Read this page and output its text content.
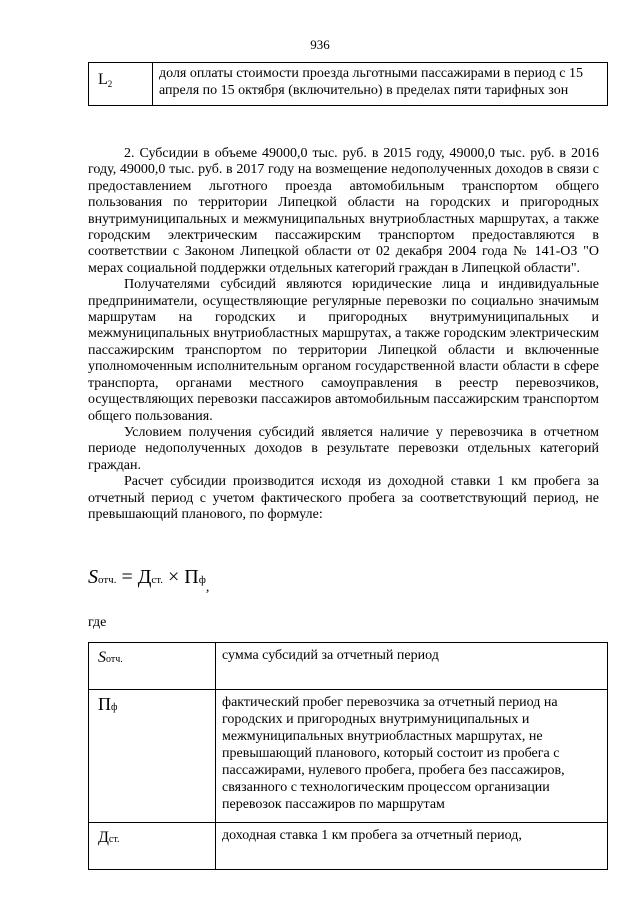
936
$L_2$	доля оплаты стоимости проезда льготными пассажирами в период с 15 апреля по 15 октября (включительно) в пределах пяти тарифных зон

2. Субсидии в объеме 49000,0 тыс. руб. в 2015 году, 49000,0 тыс. руб. в 2016 году, 49000,0 тыс. руб. в 2017 году на возмещение недополученных доходов в связи с предоставлением льготного проезда автомобильным транспортом общего пользования по территории Липецкой области на городских и пригородных внутримуниципальных и межмуниципальных внутриобластных маршрутах, а также городским электрическим пассажирским транспортом предоставляются в соответствии с Законом Липецкой области от 02 декабря 2004 года № 141-ОЗ "О мерах социальной поддержки отдельных категорий граждан в Липецкой области".

Получателями субсидий являются юридические лица и индивидуальные предприниматели, осуществляющие регулярные перевозки по социально значимым маршрутам на городских и пригородных внутримуниципальных и межмуниципальных внутриобластных маршрутах, а также городским электрическим пассажирским транспортом по территории Липецкой области и включенные уполномоченным исполнительным органом государственной власти области в сфере транспорта, органами местного самоуправления в реестр перевозчиков, осуществляющих перевозки пассажиров автомобильным пассажирским транспортом общего пользования.

Условием получения субсидий является наличие у перевозчика в отчетном периоде недополученных доходов в результате перевозки отдельных категорий граждан.

Расчет субсидии производится исходя из доходной ставки 1 км пробега за отчетный период с учетом фактического пробега за соответствующий период, не превышающий планового, по формуле:

Sотч. = Дст. × $Пф_,$
где
Sотч.	сумма субсидий за отчетный период
Пф	фактический пробег перевозчика за отчетный период на городских и пригородных внутримуниципальных и межмуниципальных внутриобластных маршрутах, не превышающий планового, который состоит из пробега с пассажирами, нулевого пробега, пробега без пассажиров, связанного с технологическим процессом организации перевозок пассажиров по маршрутам
Дст.	доходная ставка 1 км пробега за отчетный период,
